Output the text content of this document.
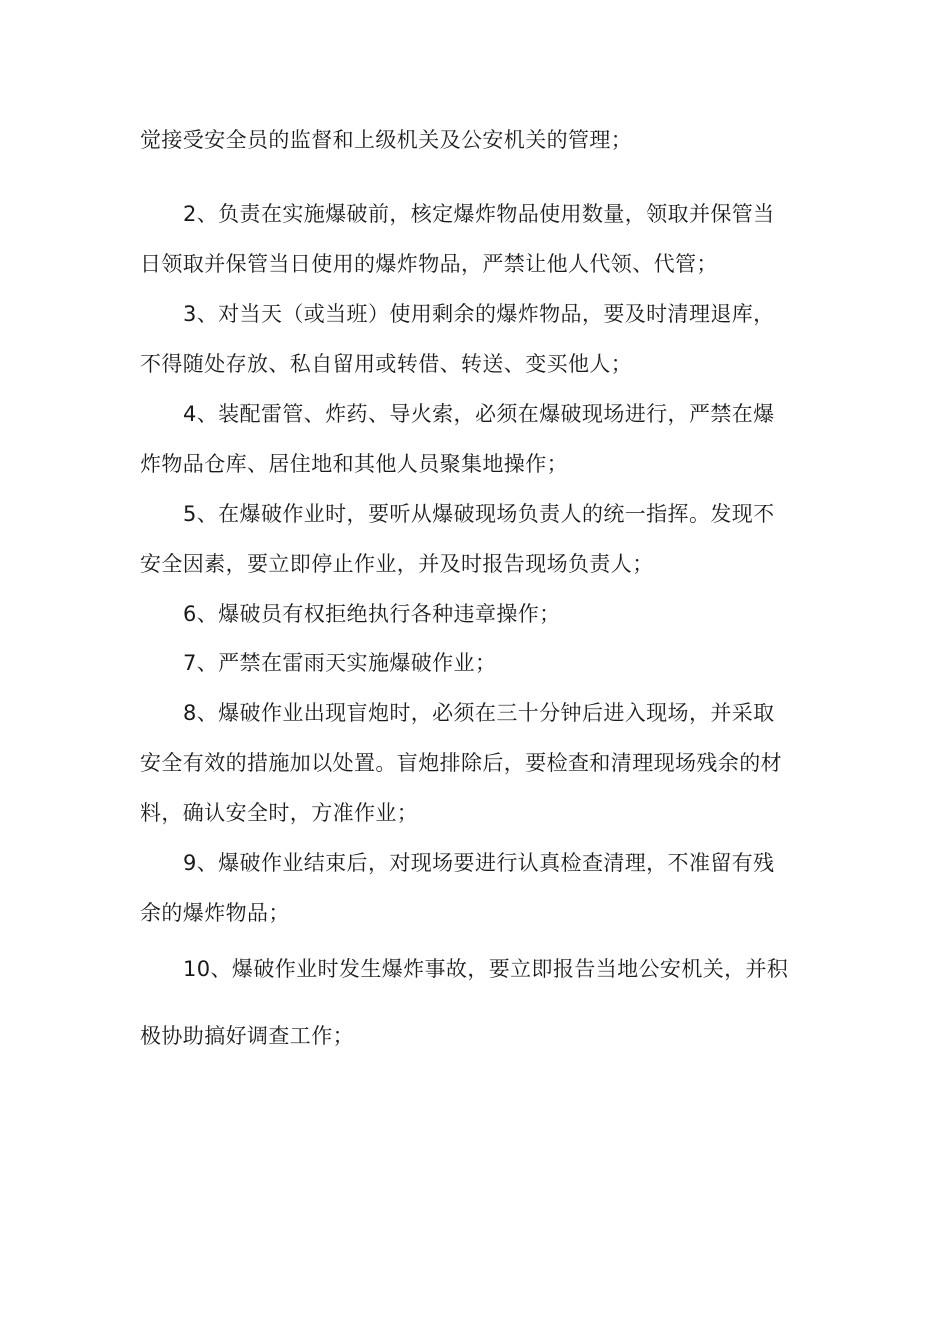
觉接受安全员的监督和上级机关及公安机关的管理；
2、负责在实施爆破前，核定爆炸物品使用数量，领取并保管当
日领取并保管当日使用的爆炸物品，严禁让他人代领、代管；
3、对当天（或当班）使用剩余的爆炸物品，要及时清理退库，
不得随处存放、私自留用或转借、转送、变买他人；
4、装配雷管、炸药、导火索，必须在爆破现场进行，严禁在爆
炸物品仓库、居住地和其他人员聚集地操作；
5、在爆破作业时，要听从爆破现场负责人的统一指挥。发现不
安全因素，要立即停止作业，并及时报告现场负责人；
6、爆破员有权拒绝执行各种违章操作；
7、严禁在雷雨天实施爆破作业；
8、爆破作业出现盲炮时，必须在三十分钟后进入现场，并采取
安全有效的措施加以处置。盲炮排除后，要检查和清理现场残余的材
料，确认安全时，方准作业；
9、爆破作业结束后，对现场要进行认真检查清理，不准留有残
余的爆炸物品；
10、爆破作业时发生爆炸事故，要立即报告当地公安机关，并积
极协助搞好调查工作；
